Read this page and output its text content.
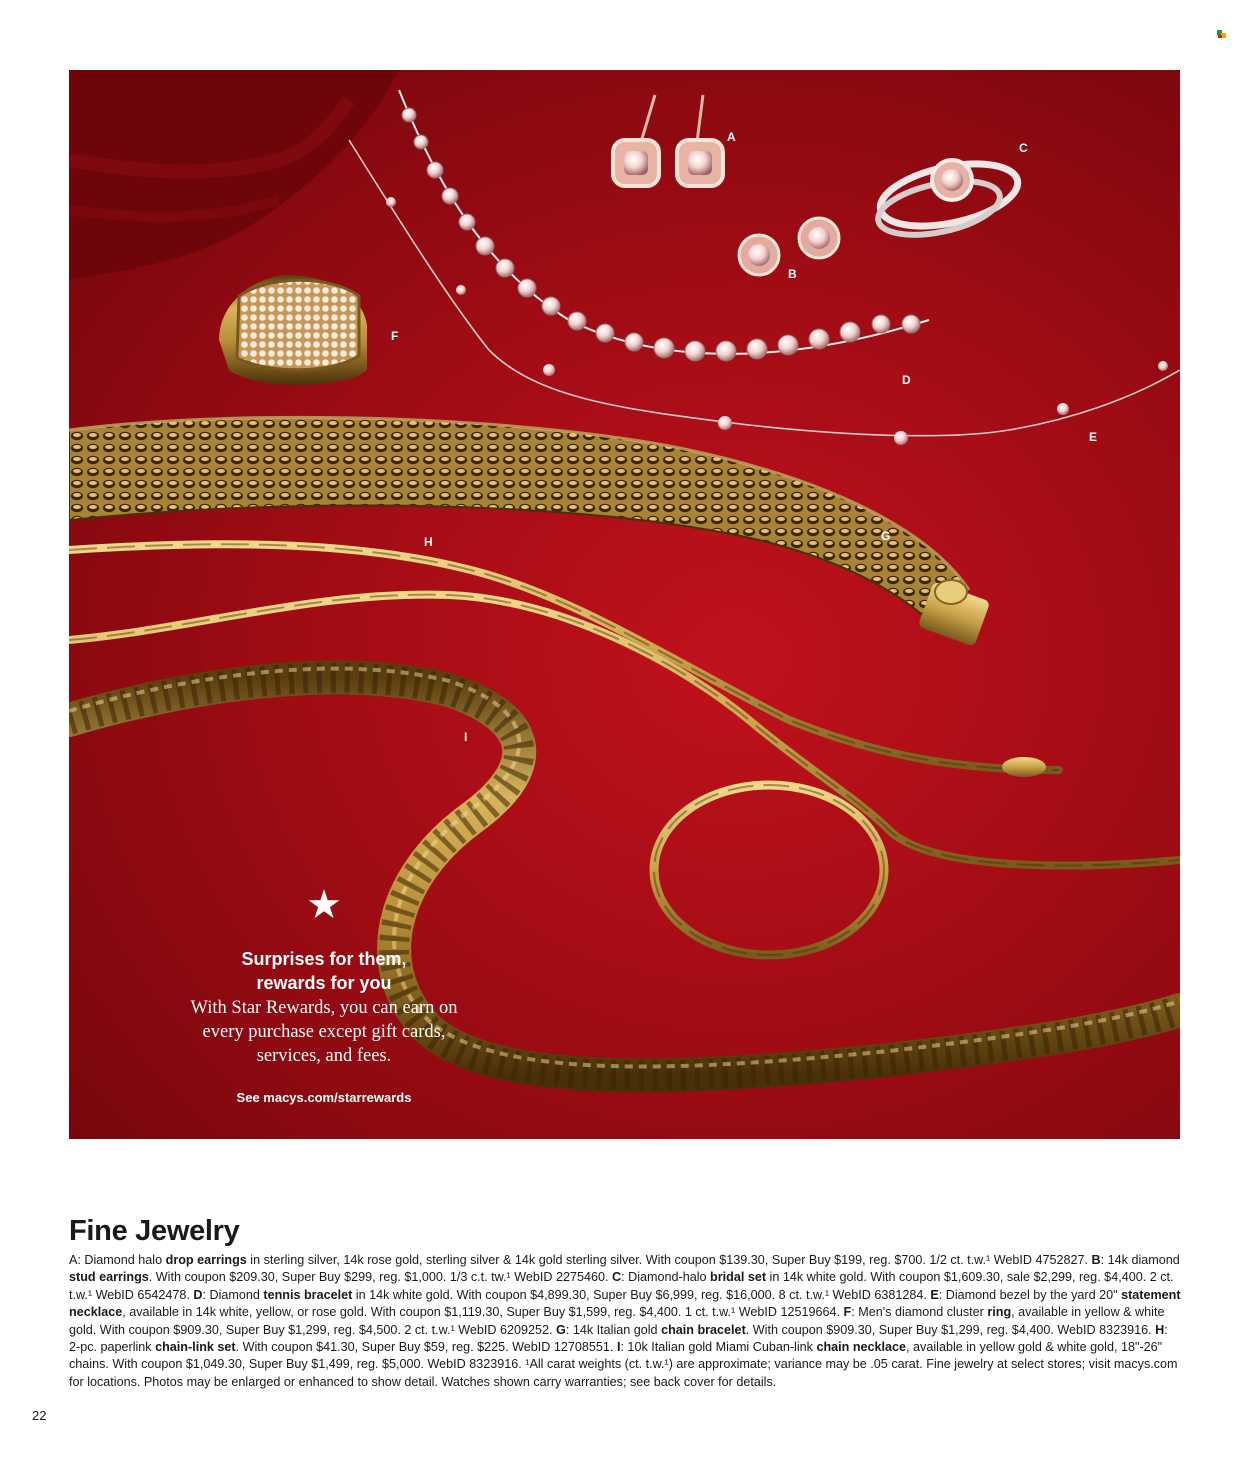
A
B
C
D
E
F
G
H
I
★
Surprises for them,
rewards for you
With Star Rewards, you can earn on every purchase except gift cards, services, and fees.
See macys.com/starrewards
Fine Jewelry
A: Diamond halo drop earrings in sterling silver, 14k rose gold, sterling silver & 14k gold sterling silver. With coupon $139.30, Super Buy $199, reg. $700. 1/2 ct. t.w.¹ WebID 4752827. B: 14k diamond stud earrings. With coupon $209.30, Super Buy $299, reg. $1,000. 1/3 c.t. tw.¹ WebID 2275460. C: Diamond-halo bridal set in 14k white gold. With coupon $1,609.30, sale $2,299, reg. $4,400. 2 ct. t.w.¹ WebID 6542478. D: Diamond tennis bracelet in 14k white gold. With coupon $4,899.30, Super Buy $6,999, reg. $16,000. 8 ct. t.w.¹ WebID 6381284. E: Diamond bezel by the yard 20" statement necklace, available in 14k white, yellow, or rose gold. With coupon $1,119.30, Super Buy $1,599, reg. $4,400. 1 ct. t.w.¹ WebID 12519664. F: Men's diamond cluster ring, available in yellow & white gold. With coupon $909.30, Super Buy $1,299, reg. $4,500. 2 ct. t.w.¹ WebID 6209252. G: 14k Italian gold chain bracelet. With coupon $909.30, Super Buy $1,299, reg. $4,400. WebID 8323916. H: 2-pc. paperlink chain-link set. With coupon $41.30, Super Buy $59, reg. $225. WebID 12708551. I: 10k Italian gold Miami Cuban-link chain necklace, available in yellow gold & white gold, 18"-26" chains. With coupon $1,049.30, Super Buy $1,499, reg. $5,000. WebID 8323916. ¹All carat weights (ct. t.w.¹) are approximate; variance may be .05 carat. Fine jewelry at select stores; visit macys.com for locations. Photos may be enlarged or enhanced to show detail. Watches shown carry warranties; see back cover for details.
22
